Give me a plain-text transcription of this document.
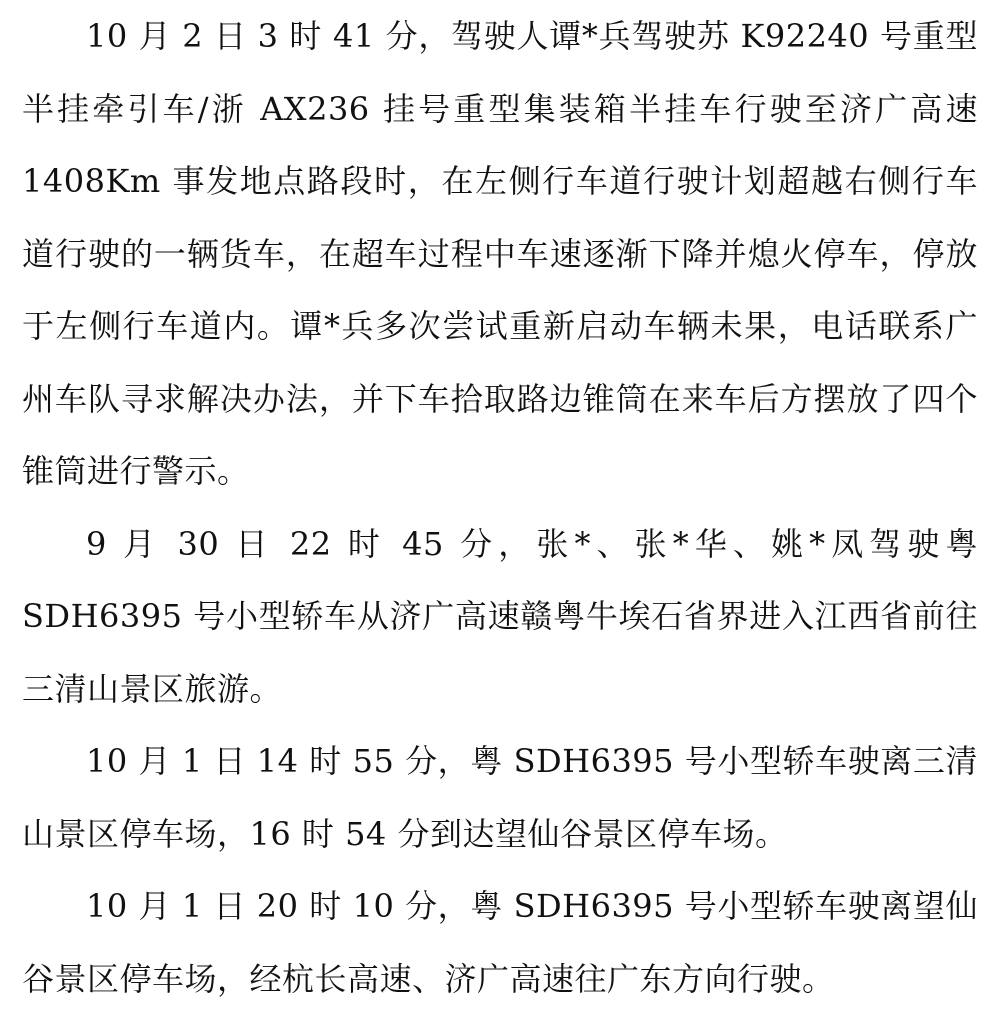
10 月 2 日 3 时 41 分，驾驶人谭*兵驾驶苏 K92240 号重型半挂牵引车/浙 AX236 挂号重型集装箱半挂车行驶至济广高速 1408Km 事发地点路段时，在左侧行车道行驶计划超越右侧行车道行驶的一辆货车，在超车过程中车速逐渐下降并熄火停车，停放于左侧行车道内。谭*兵多次尝试重新启动车辆未果，电话联系广州车队寻求解决办法，并下车拾取路边锥筒在来车后方摆放了四个锥筒进行警示。

9 月 30 日 22 时 45 分，张*、张*华、姚*凤驾驶粤 SDH6395 号小型轿车从济广高速赣粤牛埃石省界进入江西省前往三清山景区旅游。

10 月 1 日 14 时 55 分，粤 SDH6395 号小型轿车驶离三清山景区停车场，16 时 54 分到达望仙谷景区停车场。

10 月 1 日 20 时 10 分，粤 SDH6395 号小型轿车驶离望仙谷景区停车场，经杭长高速、济广高速往广东方向行驶。
